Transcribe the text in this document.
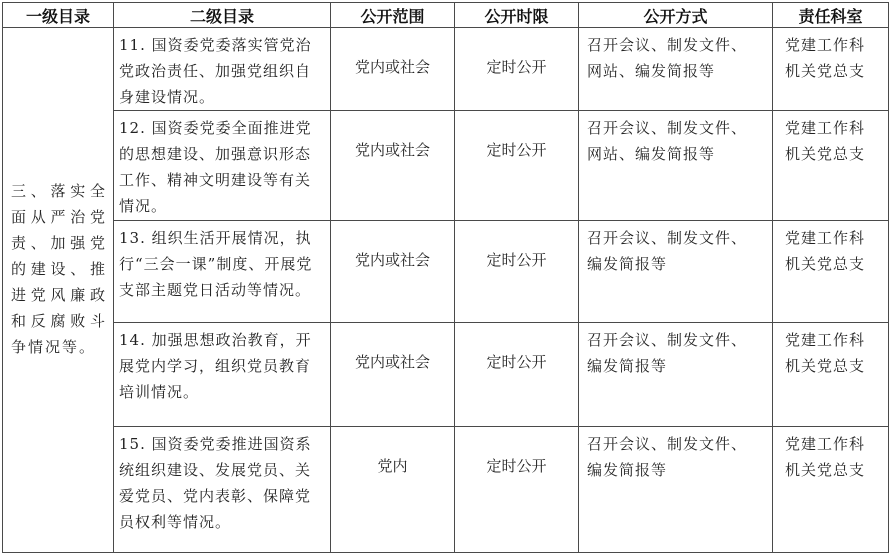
一级目录	二级目录	公开范围	公开时限	公开方式	责任科室
三、落实全面从严治党责、加强党的建设、推进党风廉政和反腐败斗争情况等。	11. 国资委党委落实管党治党政治责任、加强党组织自身建设情况。	党内或社会	定时公开	召开会议、制发文件、
网站、编发简报等	党建工作科
机关党总支

	12. 国资委党委全面推进党的思想建设、加强意识形态工作、精神文明建设等有关情况。	党内或社会	定时公开	召开会议、制发文件、
网站、编发简报等	党建工作科
机关党总支

	13. 组织生活开展情况，执行“三会一课”制度、开展党支部主题党日活动等情况。	党内或社会	定时公开	召开会议、制发文件、
编发简报等	党建工作科
机关党总支

	14. 加强思想政治教育，开展党内学习，组织党员教育培训情况。	党内或社会	定时公开	召开会议、制发文件、
编发简报等	党建工作科
机关党总支

	15. 国资委党委推进国资系统组织建设、发展党员、关爱党员、党内表彰、保障党员权利等情况。	党内	定时公开	召开会议、制发文件、
编发简报等	党建工作科
机关党总支
